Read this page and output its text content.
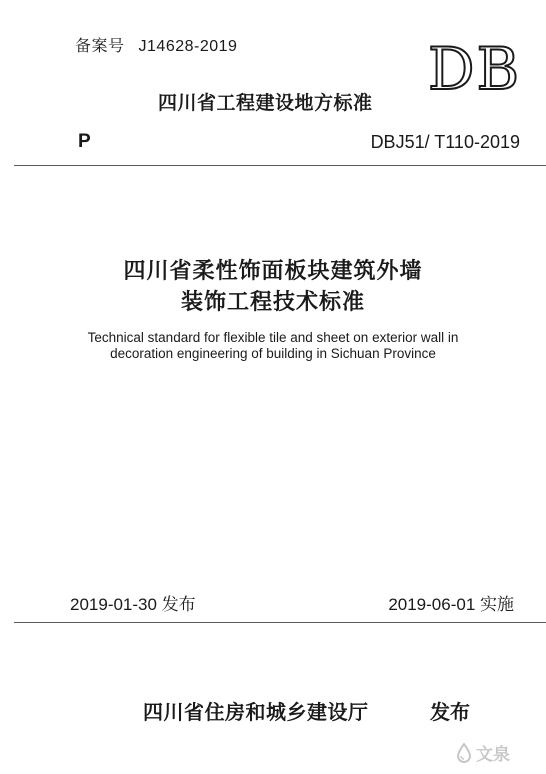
备案号 J14628-2019	DB
四川省工程建设地方标准
P	DBJ51/ T110-2019
四川省柔性饰面板块建筑外墙
装饰工程技术标准
Technical standard for flexible tile and sheet on exterior wall in
decoration engineering of building in Sichuan Province
2019-01-30 发布	2019-06-01 实施
四川省住房和城乡建设厅	发布
文泉
